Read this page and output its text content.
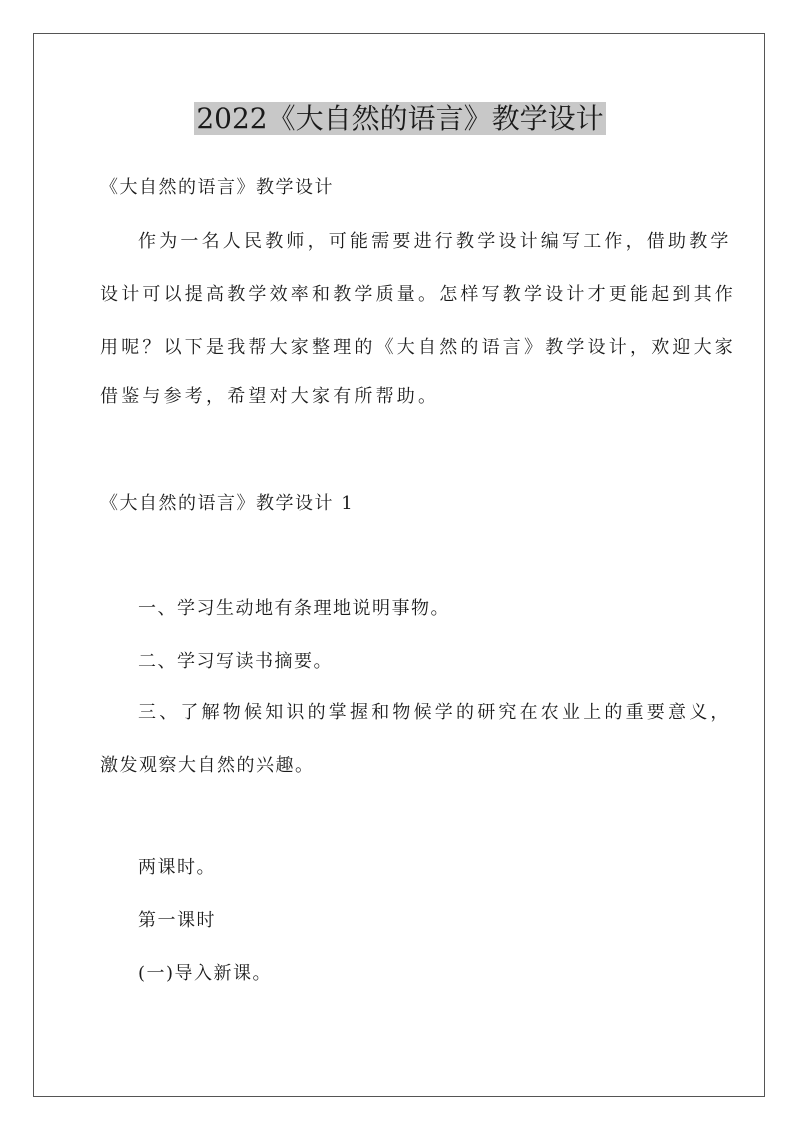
2022《大自然的语言》教学设计
《大自然的语言》教学设计
作为一名人民教师，可能需要进行教学设计编写工作，借助教学
设计可以提高教学效率和教学质量。怎样写教学设计才更能起到其作
用呢？以下是我帮大家整理的《大自然的语言》教学设计，欢迎大家
借鉴与参考，希望对大家有所帮助。
《大自然的语言》教学设计 1
一、学习生动地有条理地说明事物。
二、学习写读书摘要。
三、了解物候知识的掌握和物候学的研究在农业上的重要意义，
激发观察大自然的兴趣。
两课时。
第一课时
(一)导入新课。
